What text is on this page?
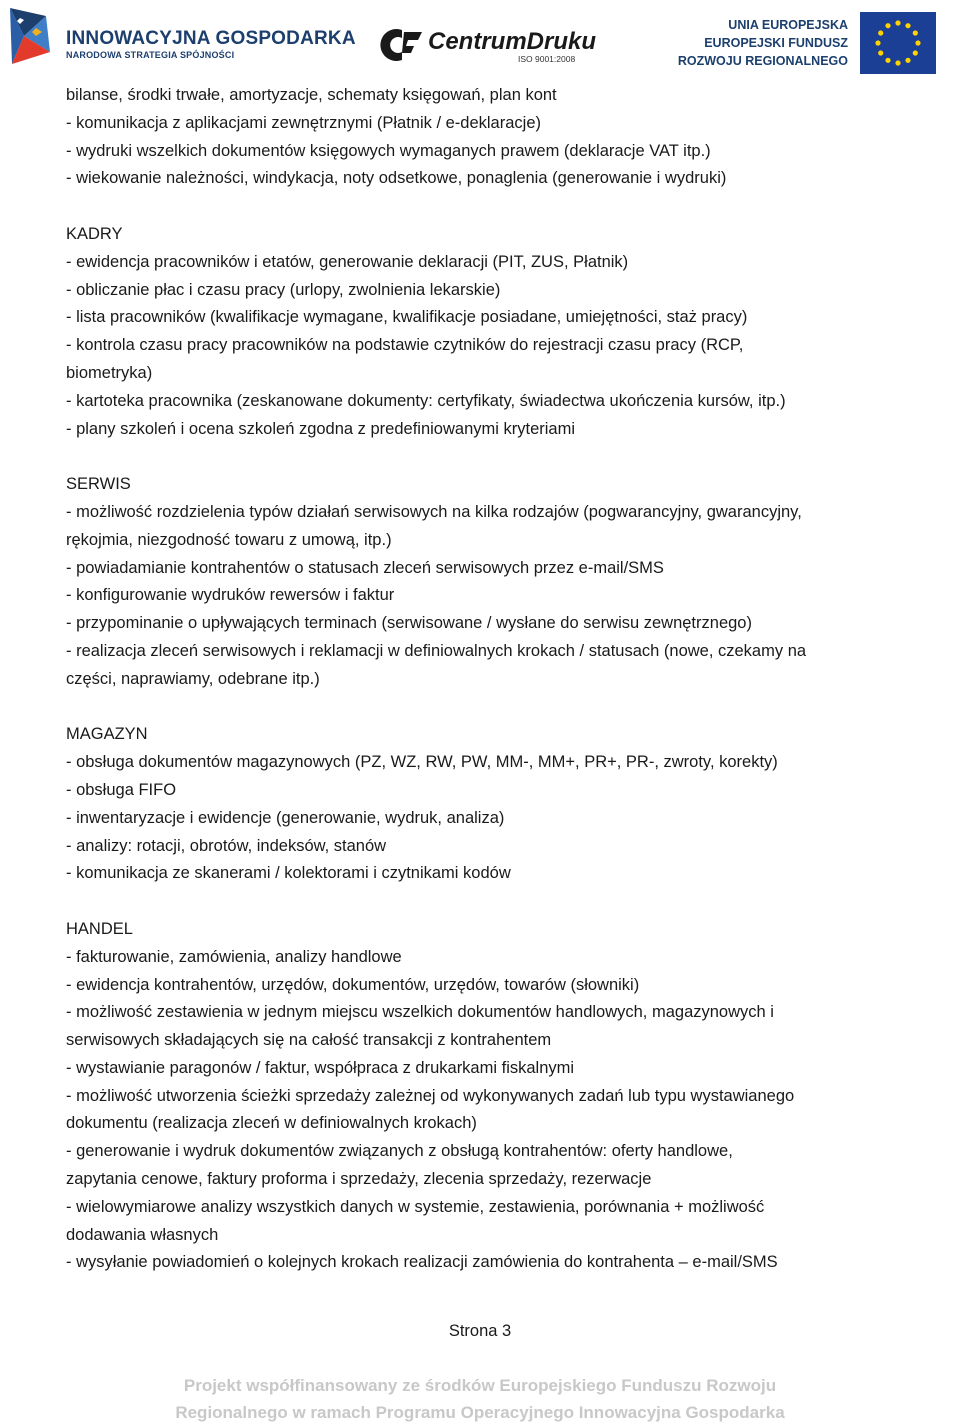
INNOWACYJNA GOSPODARKA
NARODOWA STRATEGIA SPÓJNOŚCI	CentrumDruku
ISO 9001:2008
UNIA EUROPEJSKA
EUROPEJSKI FUNDUSZ
ROZWOJU REGIONALNEGO

bilanse, środki trwałe, amortyzacje, schematy księgowań, plan kont

- komunikacja z aplikacjami zewnętrznymi (Płatnik / e-deklaracje)

- wydruki wszelkich dokumentów księgowych wymaganych prawem (deklaracje VAT itp.)

- wiekowanie należności, windykacja, noty odsetkowe, ponaglenia (generowanie i wydruki)

KADRY

- ewidencja pracowników i etatów, generowanie deklaracji (PIT, ZUS, Płatnik)

- obliczanie płac i czasu pracy (urlopy, zwolnienia lekarskie)

- lista pracowników (kwalifikacje wymagane, kwalifikacje posiadane, umiejętności, staż pracy)

- kontrola czasu pracy pracowników na podstawie czytników do rejestracji czasu pracy (RCP,

biometryka)

- kartoteka pracownika (zeskanowane dokumenty: certyfikaty, świadectwa ukończenia kursów, itp.)

- plany szkoleń i ocena szkoleń zgodna z predefiniowanymi kryteriami

SERWIS

- możliwość rozdzielenia typów działań serwisowych na kilka rodzajów (pogwarancyjny, gwarancyjny,

rękojmia, niezgodność towaru z umową, itp.)

- powiadamianie kontrahentów o statusach zleceń serwisowych przez e-mail/SMS

- konfigurowanie wydruków rewersów i faktur

- przypominanie o upływających terminach (serwisowane / wysłane do serwisu zewnętrznego)

- realizacja zleceń serwisowych i reklamacji w definiowalnych krokach / statusach (nowe, czekamy na

części, naprawiamy, odebrane itp.)

MAGAZYN

- obsługa dokumentów magazynowych (PZ, WZ, RW, PW, MM-, MM+, PR+, PR-, zwroty, korekty)

- obsługa FIFO

- inwentaryzacje i ewidencje (generowanie, wydruk, analiza)

- analizy: rotacji, obrotów, indeksów, stanów

- komunikacja ze skanerami / kolektorami i czytnikami kodów

HANDEL

- fakturowanie, zamówienia, analizy handlowe

- ewidencja kontrahentów, urzędów, dokumentów, urzędów, towarów (słowniki)

- możliwość zestawienia w jednym miejscu wszelkich dokumentów handlowych, magazynowych i

serwisowych składających się na całość transakcji z kontrahentem

- wystawianie paragonów / faktur, współpraca z drukarkami fiskalnymi

- możliwość utworzenia ścieżki sprzedaży zależnej od wykonywanych zadań lub typu wystawianego

dokumentu (realizacja zleceń w definiowalnych krokach)

- generowanie i wydruk dokumentów związanych z obsługą kontrahentów: oferty handlowe,

zapytania cenowe, faktury proforma i sprzedaży, zlecenia sprzedaży, rezerwacje

- wielowymiarowe analizy wszystkich danych w systemie, zestawienia, porównania + możliwość

dodawania własnych

- wysyłanie powiadomień o kolejnych krokach realizacji zamówienia do kontrahenta – e-mail/SMS

Strona 3
Projekt współfinansowany ze środków Europejskiego Funduszu Rozwoju
Regionalnego w ramach Programu Operacyjnego Innowacyjna Gospodarka
